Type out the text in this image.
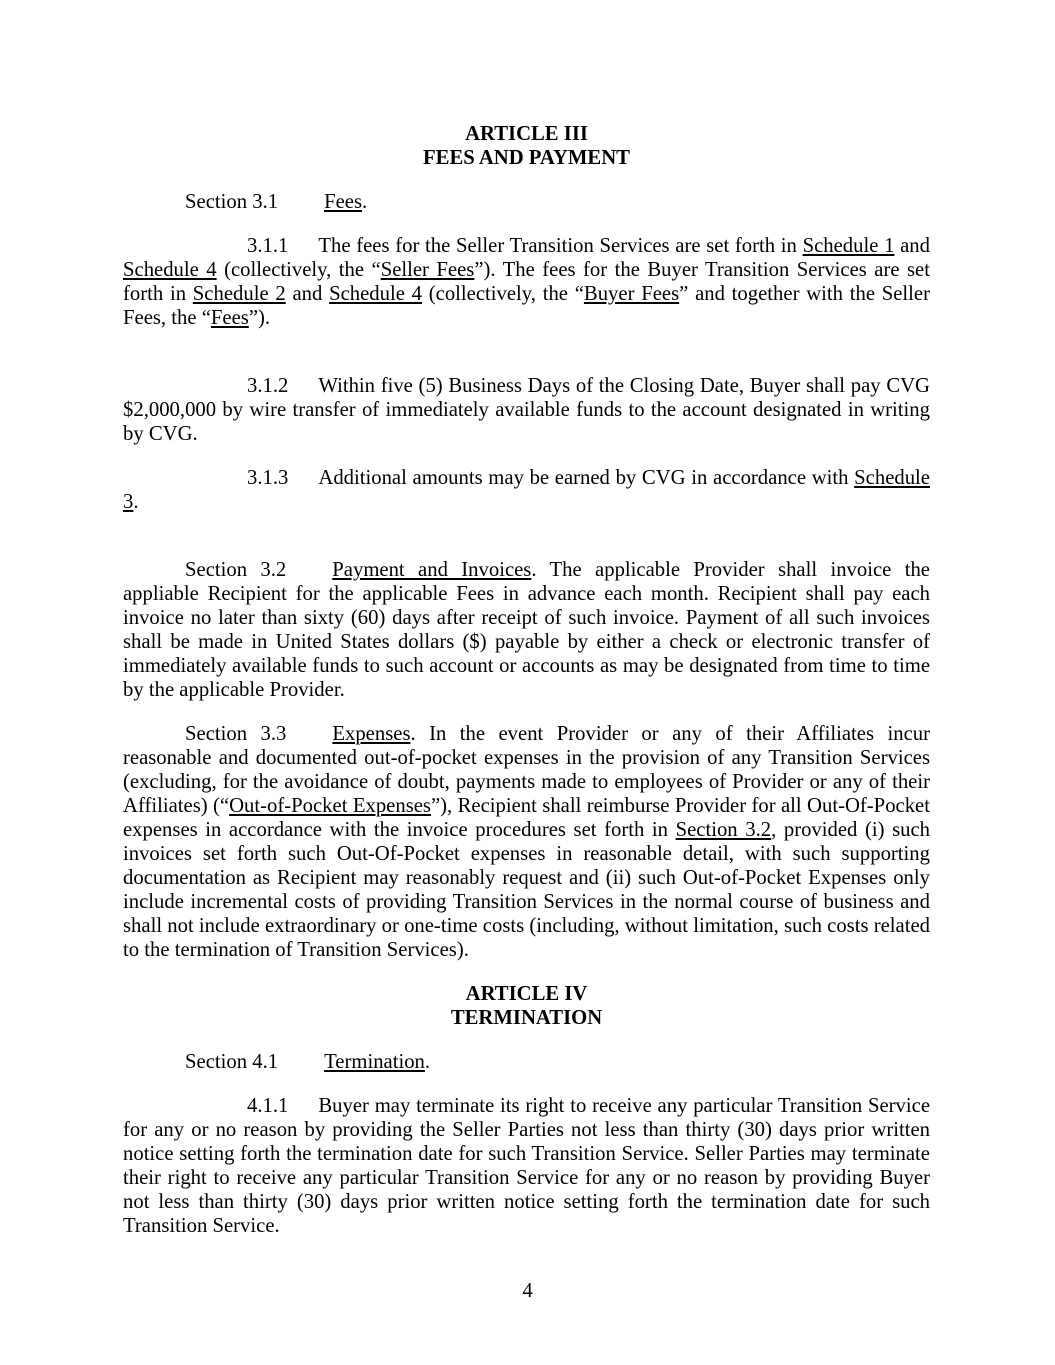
ARTICLE III
FEES AND PAYMENT

Section 3.1 Fees.

3.1.1 The fees for the Seller Transition Services are set forth in Schedule 1 and Schedule 4 (collectively, the “Seller Fees”). The fees for the Buyer Transition Services are set forth in Schedule 2 and Schedule 4 (collectively, the “Buyer Fees” and together with the Seller Fees, the “Fees”).

3.1.2 Within five (5) Business Days of the Closing Date, Buyer shall pay CVG $2,000,000 by wire transfer of immediately available funds to the account designated in writing by CVG.

3.1.3 Additional amounts may be earned by CVG in accordance with Schedule 3.

Section 3.2 Payment and Invoices. The applicable Provider shall invoice the appliable Recipient for the applicable Fees in advance each month. Recipient shall pay each invoice no later than sixty (60) days after receipt of such invoice. Payment of all such invoices shall be made in United States dollars ($) payable by either a check or electronic transfer of immediately available funds to such account or accounts as may be designated from time to time by the applicable Provider.

Section 3.3 Expenses. In the event Provider or any of their Affiliates incur reasonable and documented out-of-pocket expenses in the provision of any Transition Services (excluding, for the avoidance of doubt, payments made to employees of Provider or any of their Affiliates) (“Out-of-Pocket Expenses”), Recipient shall reimburse Provider for all Out-Of-Pocket expenses in accordance with the invoice procedures set forth in Section 3.2, provided (i) such invoices set forth such Out-Of-Pocket expenses in reasonable detail, with such supporting documentation as Recipient may reasonably request and (ii) such Out-of-Pocket Expenses only include incremental costs of providing Transition Services in the normal course of business and shall not include extraordinary or one-time costs (including, without limitation, such costs related to the termination of Transition Services).

ARTICLE IV
TERMINATION

Section 4.1 Termination.

4.1.1 Buyer may terminate its right to receive any particular Transition Service for any or no reason by providing the Seller Parties not less than thirty (30) days prior written notice setting forth the termination date for such Transition Service. Seller Parties may terminate their right to receive any particular Transition Service for any or no reason by providing Buyer not less than thirty (30) days prior written notice setting forth the termination date for such Transition Service.

4
